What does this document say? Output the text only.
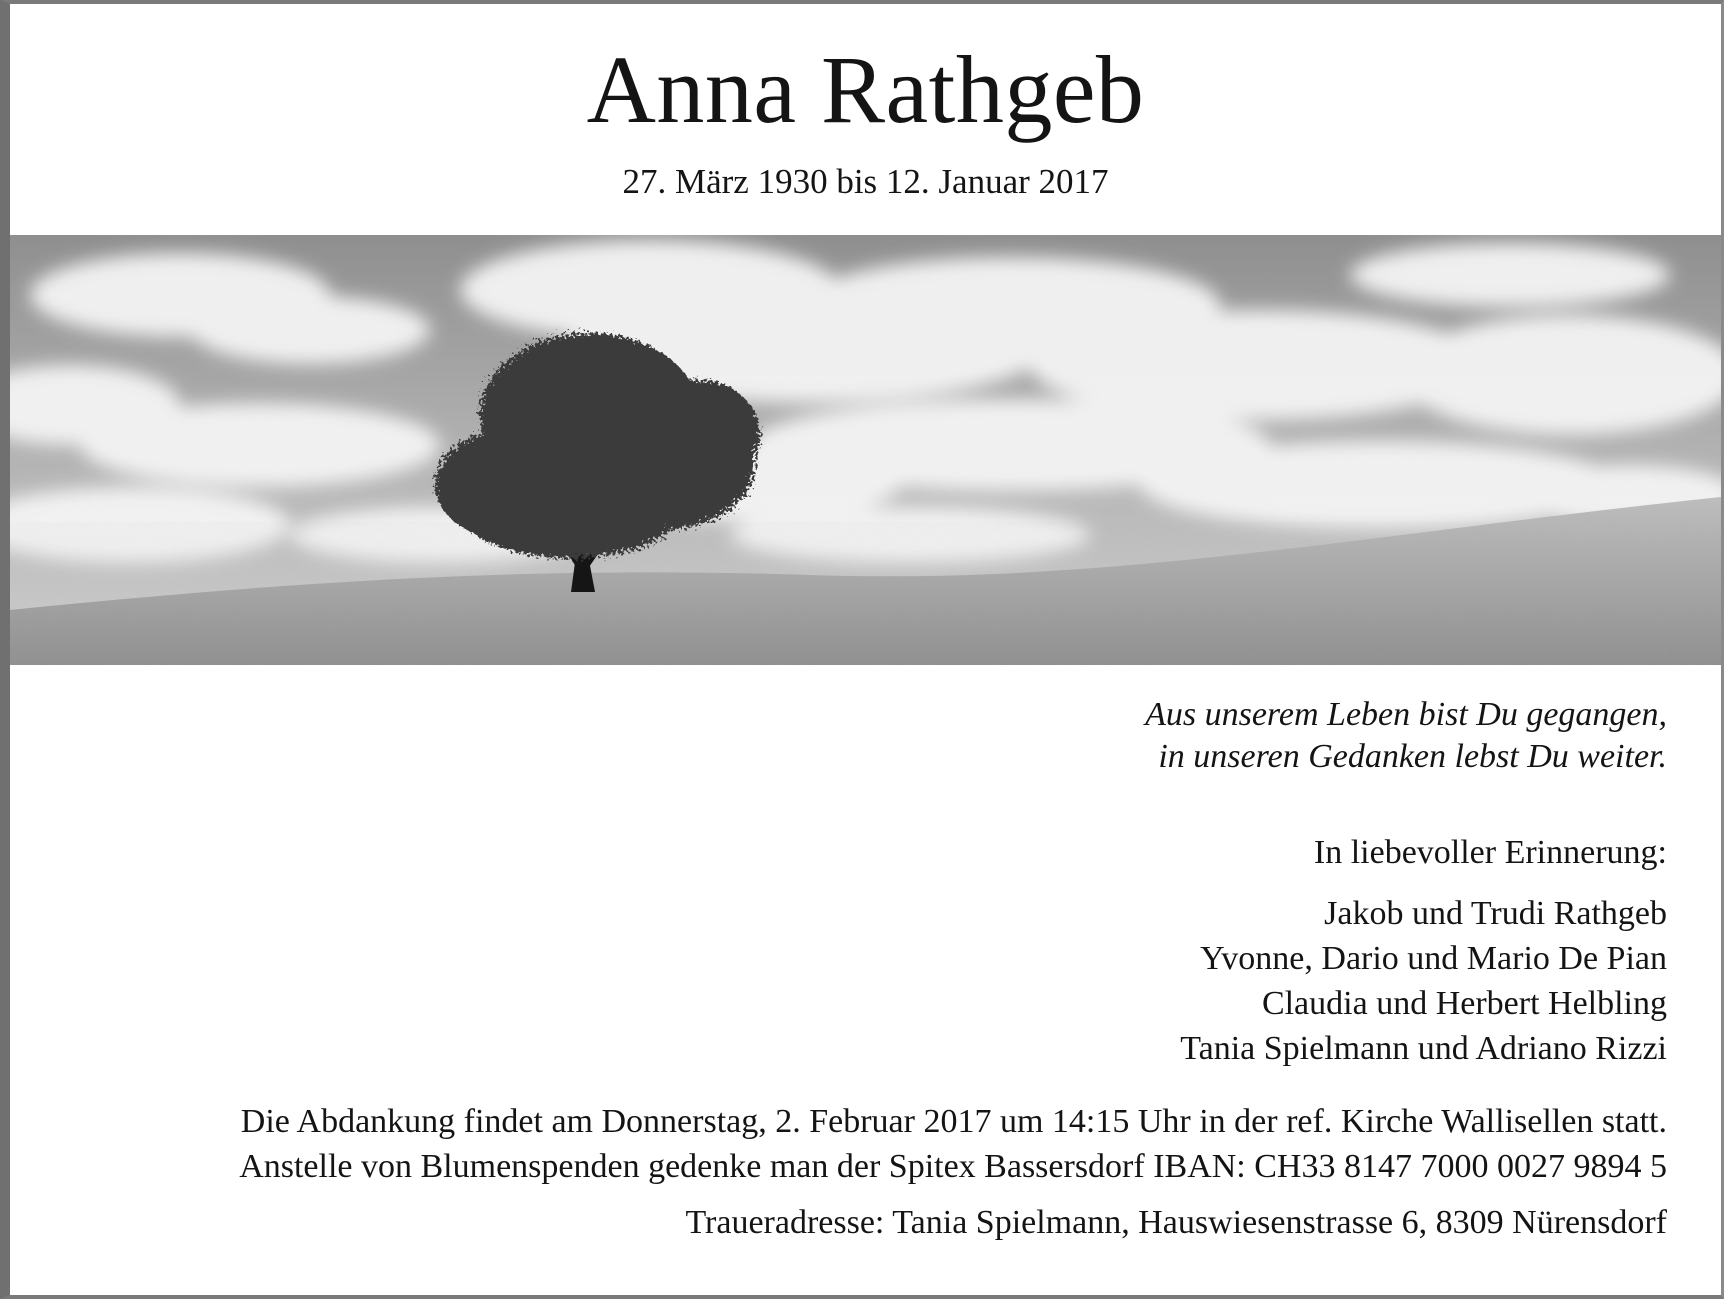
Anna Rathgeb
27. März 1930 bis 12. Januar 2017
Aus unserem Leben bist Du gegangen,
in unseren Gedanken lebst Du weiter.
In liebevoller Erinnerung:
Jakob und Trudi Rathgeb
Yvonne, Dario und Mario De Pian
Claudia und Herbert Helbling
Tania Spielmann und Adriano Rizzi
Die Abdankung findet am Donnerstag, 2. Februar 2017 um 14:15 Uhr in der ref. Kirche Wallisellen statt.
Anstelle von Blumenspenden gedenke man der Spitex Bassersdorf IBAN: CH33 8147 7000 0027 9894 5
Traueradresse: Tania Spielmann, Hauswiesenstrasse 6, 8309 Nürensdorf
